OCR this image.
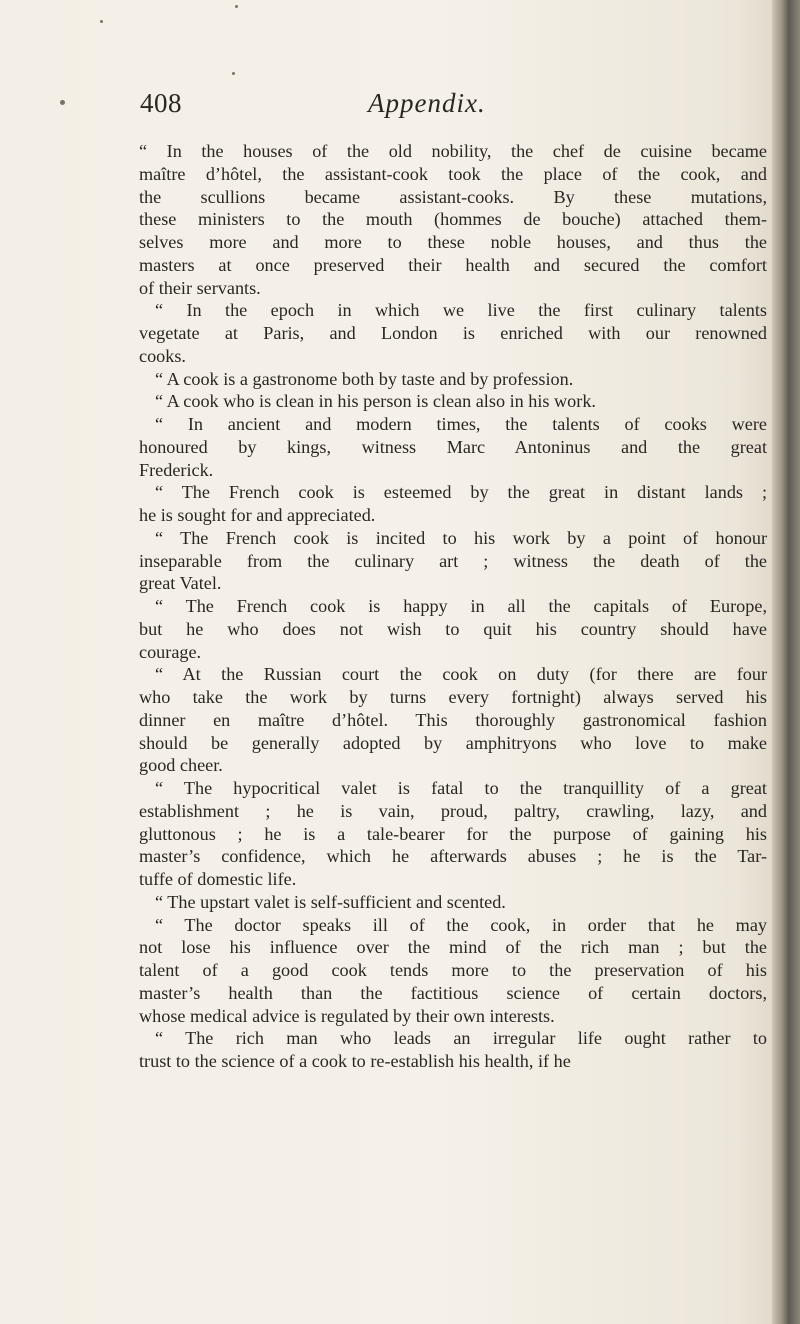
408	Appendix.
“ In the houses of the old nobility, the chef de cuisine became
maître d’hôtel, the assistant-cook took the place of the cook, and
the scullions became assistant-cooks. By these mutations,
these ministers to the mouth (hommes de bouche) attached them-
selves more and more to these noble houses, and thus the
masters at once preserved their health and secured the comfort
of their servants.
“ In the epoch in which we live the first culinary talents
vegetate at Paris, and London is enriched with our renowned
cooks.
“ A cook is a gastronome both by taste and by profession.
“ A cook who is clean in his person is clean also in his work.
“ In ancient and modern times, the talents of cooks were
honoured by kings, witness Marc Antoninus and the great
Frederick.
“ The French cook is esteemed by the great in distant lands ;
he is sought for and appreciated.
“ The French cook is incited to his work by a point of honour
inseparable from the culinary art ; witness the death of the
great Vatel.
“ The French cook is happy in all the capitals of Europe,
but he who does not wish to quit his country should have
courage.
“ At the Russian court the cook on duty (for there are four
who take the work by turns every fortnight) always served his
dinner en maître d’hôtel. This thoroughly gastronomical fashion
should be generally adopted by amphitryons who love to make
good cheer.
“ The hypocritical valet is fatal to the tranquillity of a great
establishment ; he is vain, proud, paltry, crawling, lazy, and
gluttonous ; he is a tale-bearer for the purpose of gaining his
master’s confidence, which he afterwards abuses ; he is the Tar-
tuffe of domestic life.
“ The upstart valet is self-sufficient and scented.
“ The doctor speaks ill of the cook, in order that he may
not lose his influence over the mind of the rich man ; but the
talent of a good cook tends more to the preservation of his
master’s health than the factitious science of certain doctors,
whose medical advice is regulated by their own interests.
“ The rich man who leads an irregular life ought rather to
trust to the science of a cook to re-establish his health, if he
